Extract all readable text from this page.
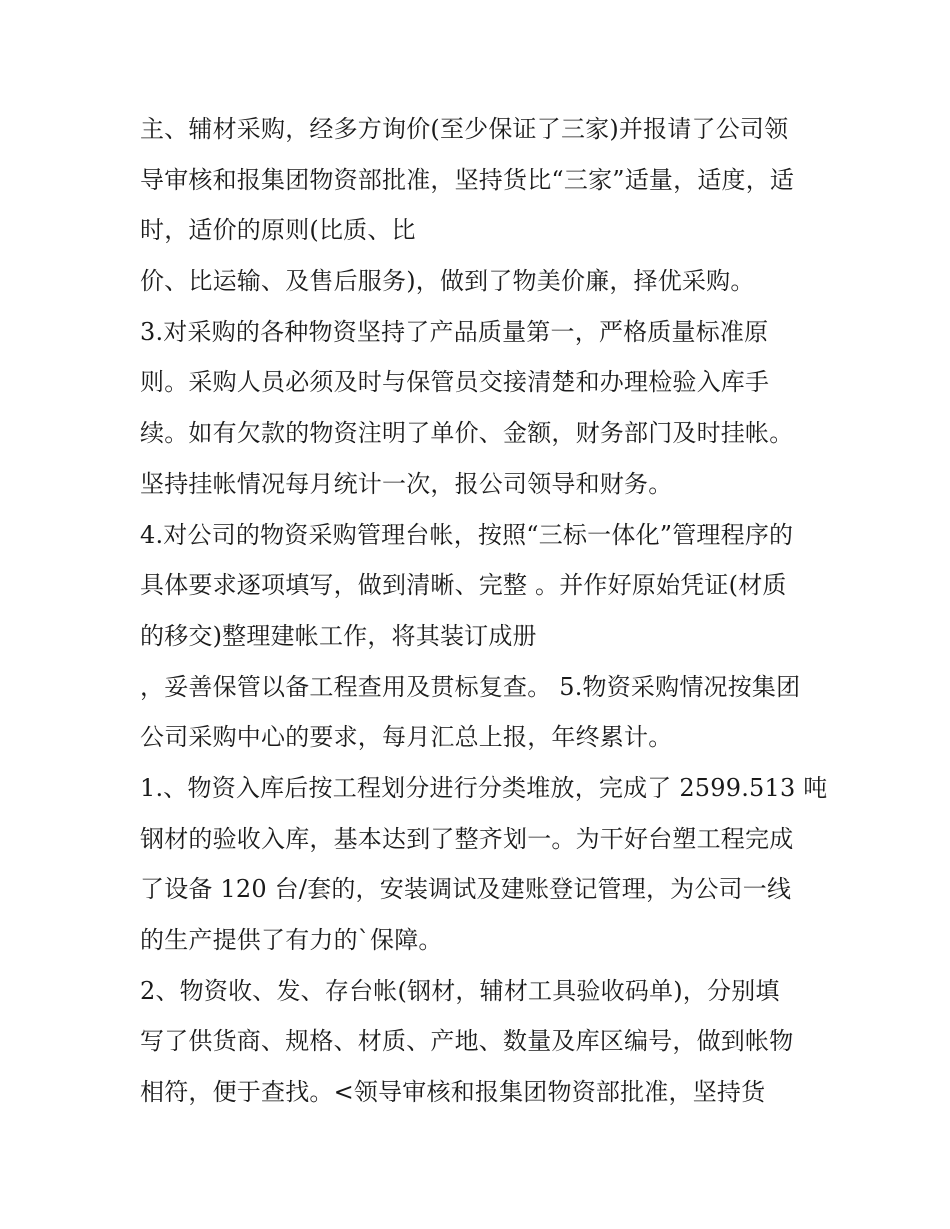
主、辅材采购，经多方询价(至少保证了三家)并报请了公司领
导审核和报集团物资部批准，坚持货比“三家”适量，适度，适
时，适价的原则(比质、比
价、比运输、及售后服务)，做到了物美价廉，择优采购。
3.对采购的各种物资坚持了产品质量第一，严格质量标准原
则。采购人员必须及时与保管员交接清楚和办理检验入库手
续。如有欠款的物资注明了单价、金额，财务部门及时挂帐。
坚持挂帐情况每月统计一次，报公司领导和财务。
4.对公司的物资采购管理台帐，按照“三标一体化”管理程序的
具体要求逐项填写，做到清晰、完整 。并作好原始凭证(材质
的移交)整理建帐工作，将其装订成册
，妥善保管以备工程查用及贯标复查。 5.物资采购情况按集团
公司采购中心的要求，每月汇总上报，年终累计。
1.、物资入库后按工程划分进行分类堆放，完成了 2599.513 吨
钢材的验收入库，基本达到了整齐划一。为干好台塑工程完成
了设备 120 台/套的，安装调试及建账登记管理，为公司一线
的生产提供了有力的`保障。
2、物资收、发、存台帐(钢材，辅材工具验收码单)，分别填
写了供货商、规格、材质、产地、数量及库区编号，做到帐物
相符，便于查找。<领导审核和报集团物资部批准，坚持货
